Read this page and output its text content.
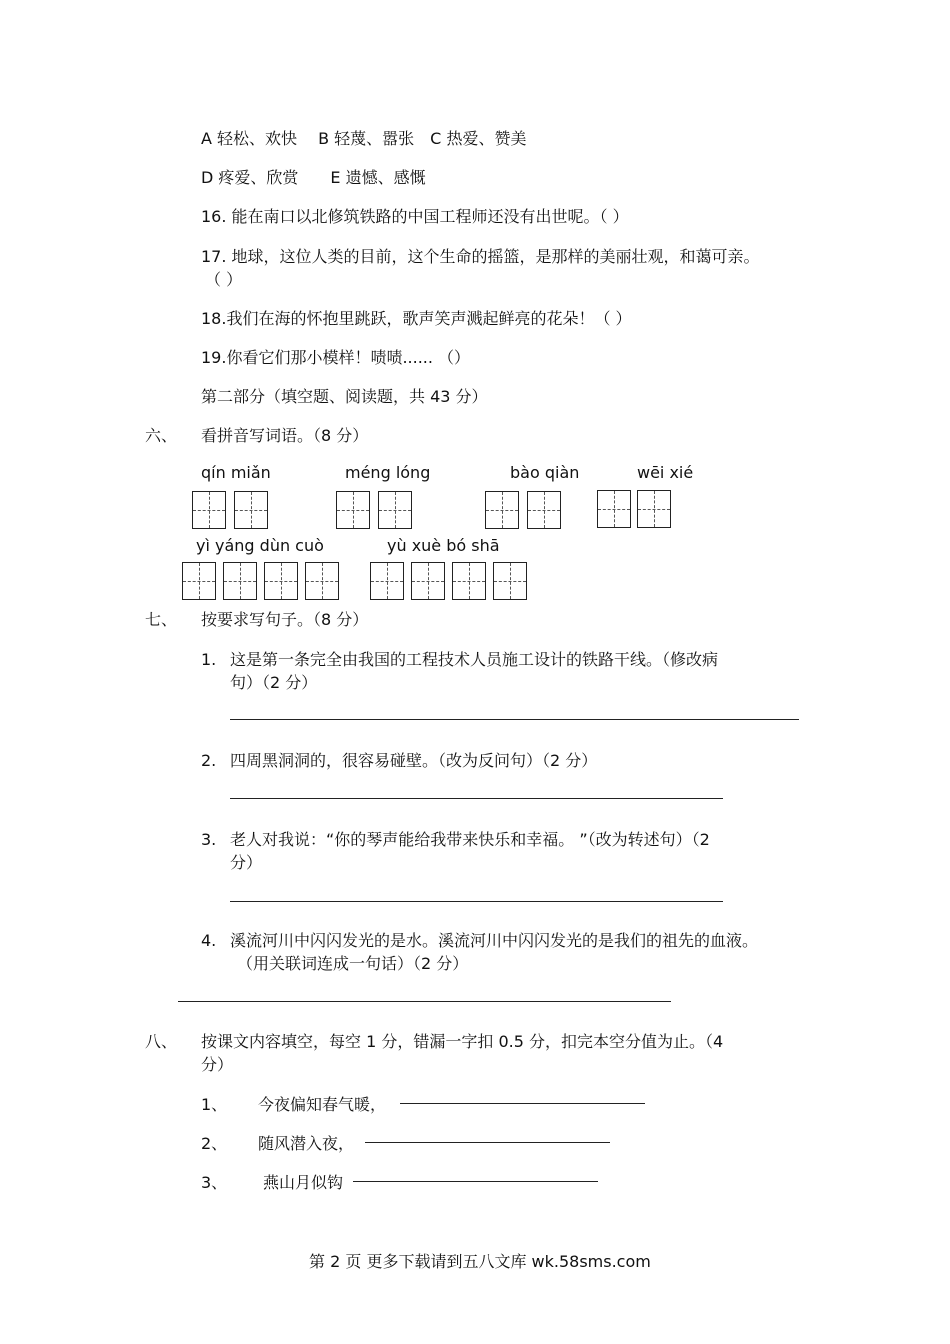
A 轻松、欢快　 B 轻蔑、嚣张　C 热爱、赞美
D 疼爱、欣赏　　E 遗憾、感慨
16. 能在南口以北修筑铁路的中国工程师还没有出世呢。（ ）
17. 地球，这位人类的目前，这个生命的摇篮，是那样的美丽壮观，和蔼可亲。
（ ）
18.我们在海的怀抱里跳跃，歌声笑声溅起鲜亮的花朵！（ ）
19.你看它们那小模样！啧啧...... （）
第二部分（填空题、阅读题，共 43 分）
六、 看拼音写词语。（8 分）
qín miǎn	méng lóng	bào qiàn	wēi xié
yì yáng dùn cuò	yù xuè bó shā
七、 按要求写句子。（8 分）
1. 这是第一条完全由我国的工程技术人员施工设计的铁路干线。（修改病
句）（2 分）
2. 四周黑洞洞的，很容易碰壁。（改为反问句）（2 分）
3. 老人对我说：“你的琴声能给我带来快乐和幸福。 ”（改为转述句）（2
分）
4. 溪流河川中闪闪发光的是水。溪流河川中闪闪发光的是我们的祖先的血液。
（用关联词连成一句话）（2 分）
八、 按课文内容填空，每空 1 分，错漏一字扣 0.5 分，扣完本空分值为止。（4
分）
1、 今夜偏知春气暖，
2、 随风潜入夜，
3、 燕山月似钩
第 2 页 更多下载请到五八文库 wk.58sms.com
